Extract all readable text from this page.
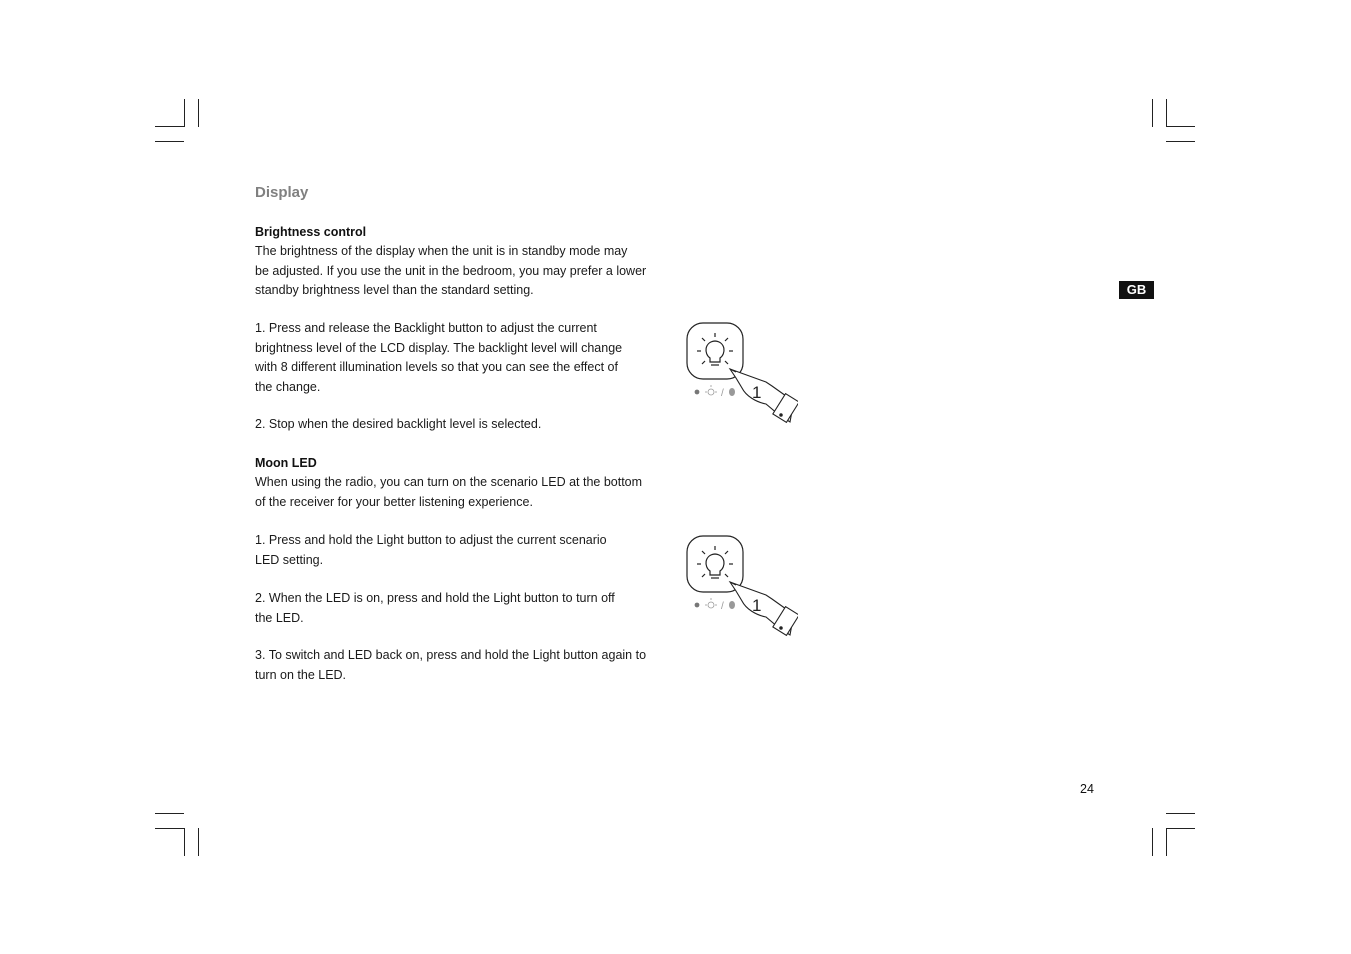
Display
Brightness control
The brightness of the display when the unit is in standby mode may
be adjusted. If you use the unit in the bedroom, you may prefer a lower
standby brightness level than the standard setting.
1. Press and release the Backlight button to adjust the current
brightness level of the LCD display. The backlight level will change
with 8 different illumination levels so that you can see the effect of
the change.
2. Stop when the desired backlight level is selected.
Moon LED
When using the radio, you can turn on the scenario LED at the bottom
of the receiver for your better listening experience.
1. Press and hold the Light button to adjust the current scenario
LED setting.
2. When the LED is on, press and hold the Light button to turn off
the LED.
3. To switch and LED back on, press and hold the Light button again to
turn on the LED.
/ 1
/ 1
GB
24
